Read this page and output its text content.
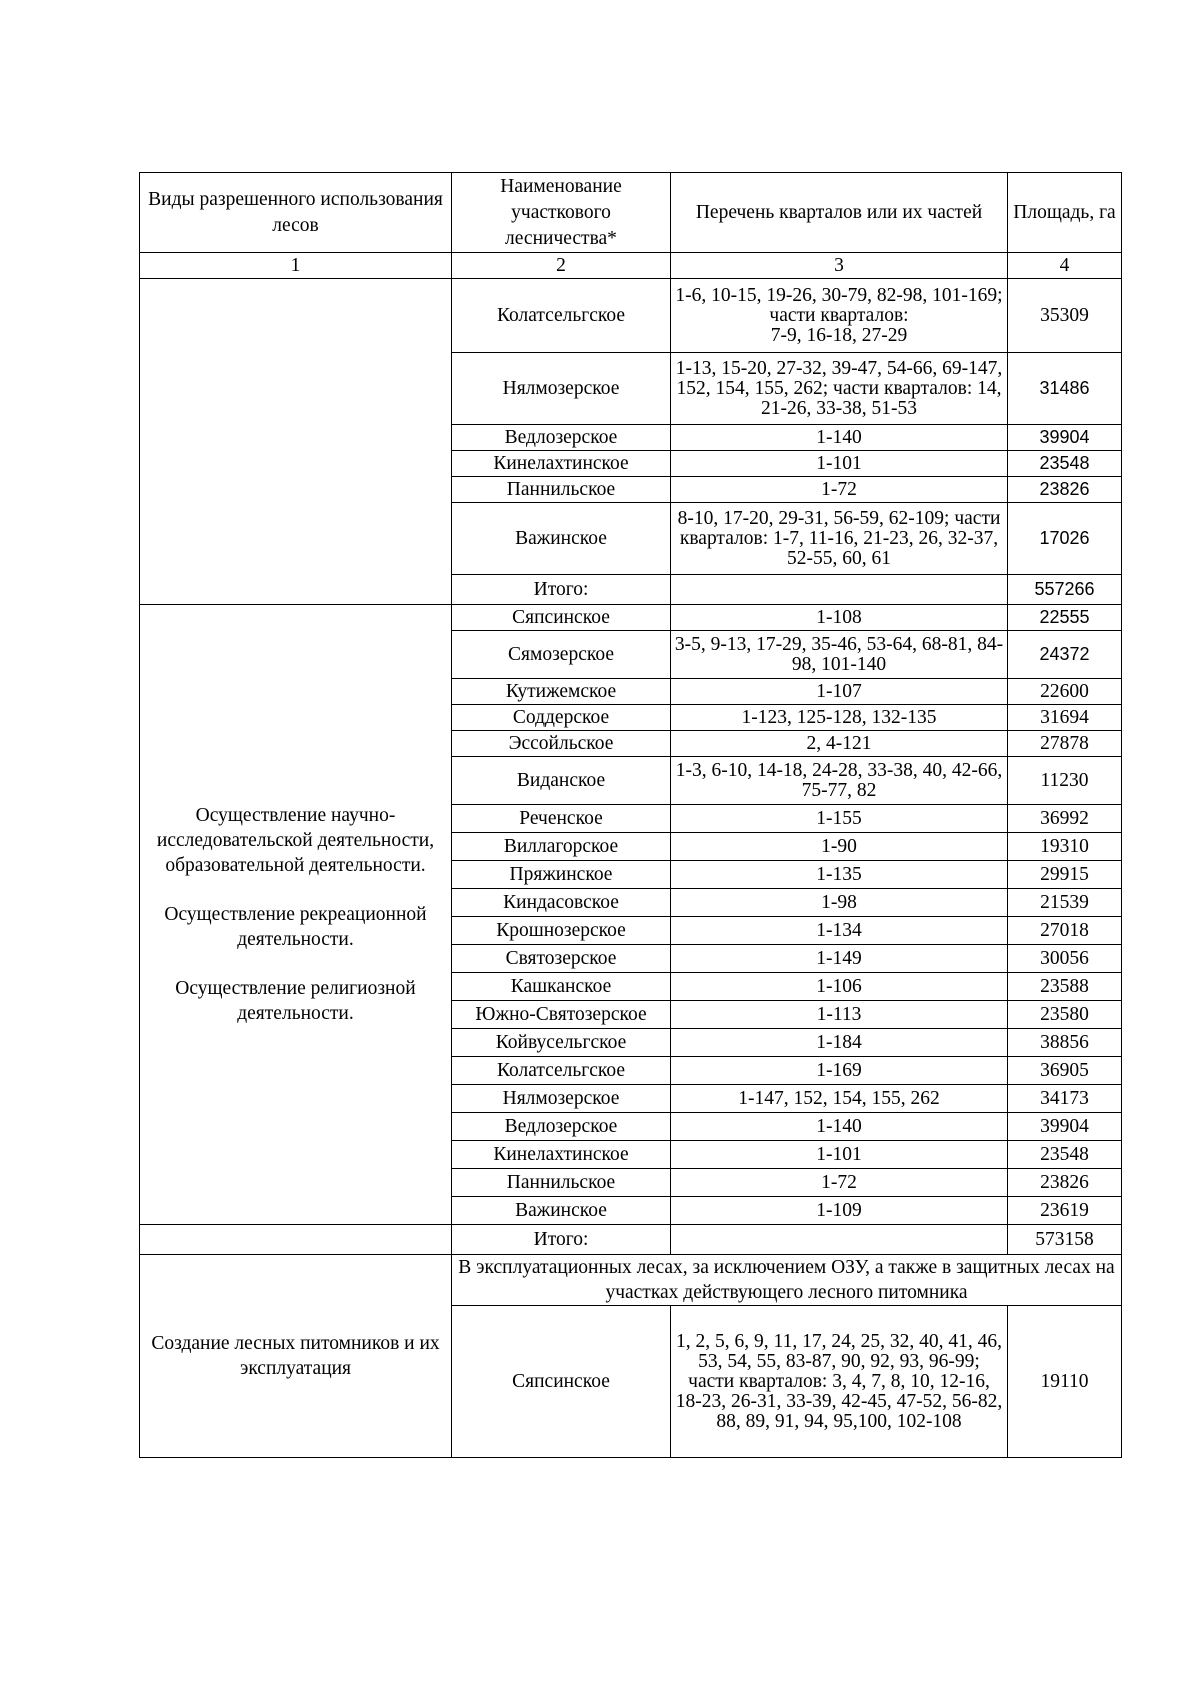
Виды разрешенного использования лесов	Наименование участкового лесничества*	Перечень кварталов или их частей	Площадь, га
1	2	3	4
	Колатсельгское	1-6, 10-15, 19-26, 30-79, 82-98, 101-169; части кварталов:
7-9, 16-18, 27-29	35309
	Нялмозерское	1-13, 15-20, 27-32, 39-47, 54-66, 69-147, 152, 154, 155, 262; части кварталов: 14, 21-26, 33-38, 51-53	31486
	Ведлозерское	1-140	39904
	Кинелахтинское	1-101	23548
	Паннильское	1-72	23826
	Важинское	8-10, 17-20, 29-31, 56-59, 62-109; части кварталов: 1-7, 11-16, 21-23, 26, 32-37, 52-55, 60, 61	17026
	Итого:		557266

Осуществление научно-исследовательской деятельности, образовательной деятельности.
Осуществление рекреационной деятельности.
Осуществление религиозной деятельности.	Сяпсинское	1-108	22555
	Сямозерское	3-5, 9-13, 17-29, 35-46, 53-64, 68-81, 84-98, 101-140	24372
	Кутижемское	1-107	22600
	Соддерское	1-123, 125-128, 132-135	31694
	Эссойльское	2, 4-121	27878
	Виданское	1-3, 6-10, 14-18, 24-28, 33-38, 40, 42-66, 75-77, 82	11230
	Реченское	1-155	36992
	Виллагорское	1-90	19310
	Пряжинское	1-135	29915
	Киндасовское	1-98	21539
	Крошнозерское	1-134	27018
	Святозерское	1-149	30056
	Кашканское	1-106	23588
	Южно-Святозерское	1-113	23580
	Койвусельгское	1-184	38856
	Колатсельгское	1-169	36905
	Нялмозерское	1-147, 152, 154, 155, 262	34173
	Ведлозерское	1-140	39904
	Кинелахтинское	1-101	23548
	Паннильское	1-72	23826
	Важинское	1-109	23619
	Итого:		573158
Создание лесных питомников и их эксплуатация	В эксплуатационных лесах, за исключением ОЗУ, а также в защитных лесах на участках действующего лесного питомника		
	Сяпсинское	1, 2, 5, 6, 9, 11, 17, 24, 25, 32, 40, 41, 46, 53, 54, 55, 83-87, 90, 92, 93, 96-99; части кварталов: 3, 4, 7, 8, 10, 12-16, 18-23, 26-31, 33-39, 42-45, 47-52, 56-82, 88, 89, 91, 94, 95,100, 102-108	19110
